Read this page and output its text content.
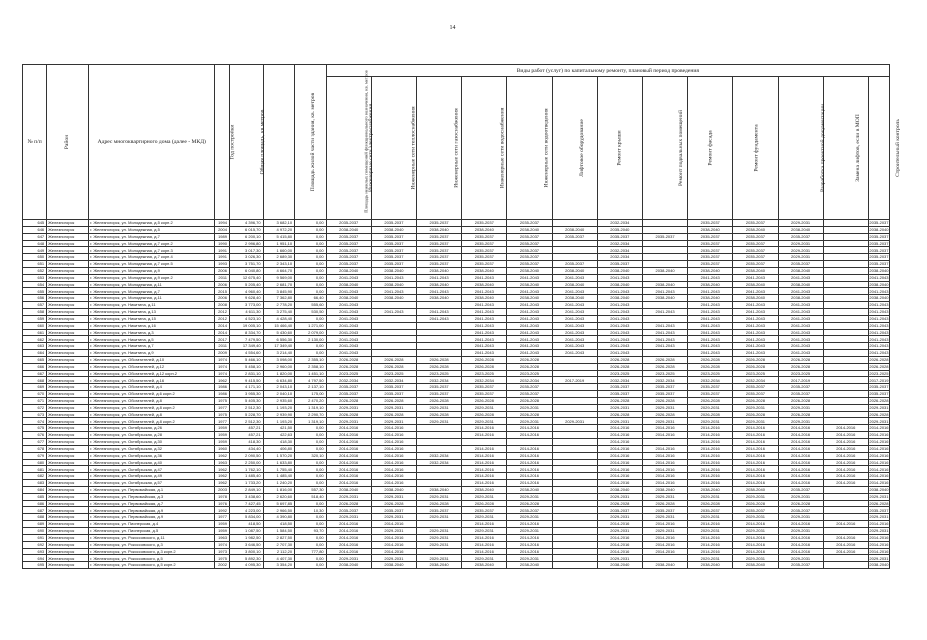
14
№ п/п	Район	Адрес многоквартирного дома (далее - МКД)	Год постройки	Общая площадь, кв.метров	Площадь жилой части здания, кв. метров	Площадь нежилых помещений функционального назначения, кв. метров	Виды работ (услуг) по капитальному ремонту, плановый период проведения												
							Инженерные сети электроснабжения	Инженерные сети теплоснабжения	Инженерные сети газоснабжения	Инженерные сети водоснабжения	Инженерные сети водоотведения	Лифтовое оборудование	Ремонт крыши	Ремонт подвальных помещений	Ремонт фасада	Ремонт фундамента	Разработка проектной документации	Замена лифтов, если в МОП	Строительный контроль
645	Железногорск	г. Железногорск, ул. Молодежная, д.5 корп.2	1994	4 396,70	3 682,10	0,00	2035-2037	2035-2037	2035-2037	2035-2037	2035-2037		2032-2034		2035-2037	2035-2037	2029-2031		2035-2037
646	Железногорск	г. Железногорск, ул. Молодежная, д.5	2004	6 015,70	4 972,20	0,00	2038-2040	2038-2040	2038-2040	2038-2040	2038-2040	2038-2040	2035-2040		2038-2040	2038-2040	2038-2040		2038-2040
647	Железногорск	г. Железногорск, ул. Молодежная, д.7	1989	6 200,10	5 415,80	0,00	2035-2037	2035-2037	2035-2037	2035-2037	2035-2037	2035-2037	2035-2037	2035-2037	2035-2037	2035-2037	2035-2037		2035-2037
648	Железногорск	г. Железногорск, ул. Молодежная, д.7 корп.2	1990	2 996,80	1 951,10	0,00	2035-2037	2035-2037	2035-2037	2035-2037	2035-2037		2032-2034		2035-2037	2035-2037	2029-2031		2035-2037
649	Железногорск	г. Железногорск, ул. Молодежная, д.7 корп.3	1991	3 017,30	1 660,00	0,00	2035-2037	2035-2037	2035-2037	2035-2037	2035-2037		2032-2034		2035-2037	2035-2037	2029-2031		2035-2037
650	Железногорск	г. Железногорск, ул. Молодежная, д.7 корп.4	1991	3 026,30	2 689,30	0,00	2035-2037	2035-2037	2035-2037	2035-2037	2035-2037		2032-2034		2035-2037	2035-2037	2029-2031		2035-2037
651	Железногорск	г. Железногорск, ул. Молодежная, д.7 корп.5	1993	3 751,70	2 343,10	0,00	2035-2037	2035-2037	2035-2037	2035-2037	2035-2037	2035-2037	2035-2037		2035-2037	2035-2037	2035-2037		2035-2037
652	Железногорск	г. Железногорск, ул. Молодежная, д.9	2006	6 040,80	4 664,70	0,00	2038-2040	2038-2040	2038-2040	2038-2040	2038-2040	2038-2040	2038-2040	2038-2040	2038-2040	2038-2040	2038-2040		2038-2040
653	Железногорск	г. Железногорск, ул. Молодежная, д.9 корп.2	2011	12 675,40	9 569,00	0,00	2041-2043	2041-2043	2041-2043	2041-2043	2041-2043	2041-2043	2041-2043		2041-2043	2041-2043	2041-2043		2041-2043
654	Железногорск	г. Железногорск, ул. Молодежная, д.11	2006	5 205,40	2 681,70	0,00	2038-2040	2038-2040	2038-2040	2038-2040	2038-2040	2038-2040	2038-2040	2038-2040	2038-2040	2038-2040	2038-2040		2038-2040
655	Железногорск	г. Железногорск, ул. Молодежная, д.7	2015	4 960,40	3 845,90	0,00	2041-2043	2041-2043	2041-2043	2041-2043	2041-2043	2041-2043	2041-2043	2041-2043	2041-2043	2041-2043	2041-2043		2041-2043
656	Железногорск	г. Железногорск, ул. Молодежная, д.11	2006	9 628,40	7 362,80	66,40	2038-2040	2038-2040	2038-2040	2038-2040	2038-2040	2038-2040	2038-2040	2038-2040	2038-2040	2038-2040	2038-2040		2038-2040
657	Железногорск	г. Железногорск, ул. Никитина, д.11	2008	3 773,00	2 778,20	555,60	2041-2043			2041-2043	2041-2043	2041-2043	2041-2043		2041-2043	2041-2043	2041-2043		2041-2043
658	Железногорск	г. Железногорск, ул. Никитина, д.13	2012	4 611,30	3 275,40	530,50	2041-2043	2041-2043	2041-2043	2041-2043	2041-2043	2041-2043	2041-2043	2041-2043	2041-2043	2041-2043	2041-2043		2041-2043
659	Железногорск	г. Железногорск, ул. Никитина, д.15	2012	4 523,10	4 428,40	0,00	2041-2043		2041-2043	2041-2043	2041-2043	2041-2043	2041-2043		2041-2043	2041-2043	2041-2043		2041-2043
660	Железногорск	г. Железногорск, ул. Никитина, д.16	2014	19 005,10	15 466,40	1 271,00	2041-2043			2041-2043	2041-2043	2041-2043	2041-2043	2041-2043	2041-2043	2041-2043	2041-2043		2041-2043
661	Железногорск	г. Железногорск, ул. Никитина, д.3	2014	8 334,70	5 430,60	2 079,00	2041-2043			2041-2043	2041-2043	2041-2043	2041-2043	2041-2043	2041-2043	2041-2043	2041-2043		2041-2043
662	Железногорск	г. Железногорск, ул. Никитина, д.5	2017	7 479,50	6 556,30	2 130,00	2041-2043			2041-2043	2041-2043	2041-2043	2041-2043	2041-2043	2041-2043	2041-2043	2041-2043		2041-2043
663	Железногорск	г. Железногорск, ул. Никитина, д.7	2011	17 349,40	17 349,40	0,00	2041-2043			2041-2043	2041-2043	2041-2043	2041-2043	2041-2043	2041-2043	2041-2043	2041-2043		2041-2043
664	Железногорск	г. Железногорск, ул. Никитина, д.9	2009	4 554,60	3 214,40	0,00	2041-2043			2041-2043	2041-2043	2041-2043	2041-2043		2041-2043	2041-2043	2041-2043		2041-2043
665	Железногорск	г. Железногорск, ул. Обогатителей, д.10	1974	5 466,10	3 098,00	2 355,10	2026-2028	2026-2028	2026-2028	2026-2028	2026-2028		2026-2028	2026-2028	2026-2028	2026-2028	2026-2028		2026-2028
666	Железногорск	г. Железногорск, ул. Обогатителей, д.12	1974	5 458,10	2 960,00	2 358,10	2026-2028	2026-2028	2026-2028	2026-2028	2026-2028		2026-2028	2026-2028	2026-2028	2026-2028	2026-2028		2026-2028
667	Железногорск	г. Железногорск, ул. Обогатителей, д.12 корп.2	1974	2 831,10	1 820,00	1 451,10	2023-2025	2023-2025	2023-2025	2023-2025	2023-2025		2023-2025	2023-2025	2023-2025	2023-2025	2023-2025		2023-2025
668	Железногорск	г. Железногорск, ул. Обогатителей, д.16	1962	9 415,50	6 634,80	4 797,50	2032-2034	2032-2034	2032-2034	2032-2034	2032-2034	2017-2019	2032-2034	2032-2034	2032-2034	2032-2034	2017-2019		2017-2019
669	Железногорск	г. Железногорск, ул. Обогатителей, д.4	1986	4 171,10	2 043,10	2 137,10	2035-2037	2035-2037	2035-2037	2035-2037	2035-2037		2035-2037	2035-2037	2035-2037	2035-2037	2035-2037		2035-2037
670	Железногорск	г. Железногорск, ул. Обогатителей, д.6 корп.2	1986	3 955,30	2 040,10	175,00	2035-2037	2035-2037	2035-2037	2035-2037	2035-2037		2035-2037	2035-2037	2035-2037	2035-2037	2035-2037		2035-2037
671	Железногорск	г. Железногорск, ул. Обогатителей, д.8	1975	5 405,30	2 935,60	2 470,20	2026-2028	2026-2028	2026-2028	2026-2028	2026-2028		2026-2028	2026-2028	2026-2028	2026-2028	2026-2028		2026-2028
672	Железногорск	г. Железногорск, ул. Обогатителей, д.8 корп.2	1977	2 512,30	1 193,20	1 319,10	2029-2031	2029-2031	2029-2031	2029-2031	2029-2031		2029-2031	2029-2031	2029-2031	2029-2031	2029-2031		2029-2031
673	Железногорск	г. Железногорск, ул. Обогатителей, д.8	1975	5 228,70	2 939,90	2 290,70	2026-2028	2026-2028	2026-2028	2026-2028	2026-2028		2026-2028	2026-2028	2026-2028	2026-2028	2026-2028		2026-2028
674	Железногорск	г. Железногорск, ул. Обогатителей, д.8 корп.2	1977	2 512,30	1 193,20	1 319,10	2029-2031	2029-2031	2029-2031	2029-2031	2029-2031	2029-2031	2029-2031	2029-2031	2029-2031	2029-2031	2029-2031		2029-2031
675	Железногорск	г. Железногорск, ул. Октябрьская, д.26	1959	457,21	421,50	0,00	2014-2016	2014-2016		2014-2016	2014-2016		2014-2016	2014-2016	2014-2016	2014-2016	2014-2016	2014-2016	2014-2016
676	Железногорск	г. Железногорск, ул. Октябрьская, д.28	1959	457,21	422,63	0,00	2014-2016	2014-2016		2014-2016	2014-2016		2014-2016	2014-2016	2014-2016	2014-2016	2014-2016	2014-2016	2014-2016
677	Железногорск	г. Железногорск, ул. Октябрьская, д.30	1959	418,30	418,30	0,00	2014-2016	2014-2016					2014-2016		2014-2016	2014-2016	2014-2016	2014-2016	2014-2016
678	Железногорск	г. Железногорск, ул. Октябрьская, д.32	1960	434,40	406,80	0,00	2014-2016	2014-2016		2014-2016	2014-2016		2014-2016	2014-2016	2014-2016	2014-2016	2014-2016	2014-2016	2014-2016
679	Железногорск	г. Железногорск, ул. Октябрьская, д.36	1962	2 090,50	1 570,20	320,10	2014-2016	2014-2016	2032-2034	2014-2016	2014-2016		2014-2016	2014-2016	2014-2016	2014-2016	2014-2016	2014-2016	2014-2016
680	Железногорск	г. Железногорск, ул. Октябрьская, д.40	1963	2 250,00	1 633,80	0,00	2014-2016	2014-2016	2032-2034	2014-2016	2014-2016		2014-2016	2014-2016	2014-2016	2014-2016	2014-2016	2014-2016	2014-2016
681	Железногорск	г. Железногорск, ул. Октябрьская, д.47	1962	1 762,10	1 755,40	0,00	2014-2016	2014-2016		2014-2016	2014-2016		2014-2016	2014-2016	2014-2016	2014-2016	2014-2016	2014-2016	2014-2016
682	Железногорск	г. Железногорск, ул. Октябрьская, д.49	1962	1 485,40	1 485,40	0,00	2014-2016	2014-2016		2014-2016	2014-2016		2014-2016	2014-2016	2014-2016	2014-2016	2014-2016	2014-2016	2014-2016
683	Железногорск	г. Железногорск, ул. Октябрьская, д.57	1962	1 733,20	1 240,20	0,00	2014-2016	2014-2016		2014-2016	2014-2016		2014-2016	2014-2016	2014-2016	2014-2016	2014-2016	2014-2016	2014-2016
684	Железногорск	г. Железногорск, ул. Первомайская, д.1	2003	2 849,10	1 816,00	557,30	2038-2040	2038-2040	2038-2040	2038-2040	2038-2040		2038-2040	2038-2040	2038-2040	2038-2040	2035-2037		2038-2040
685	Железногорск	г. Железногорск, ул. Первомайская, д.3	1978	3 438,60	2 620,60	518,40	2029-2031	2029-2031	2029-2031	2029-2031	2029-2031		2029-2031	2029-2031	2029-2031	2029-2031	2029-2031		2029-2031
686	Железногорск	г. Железногорск, ул. Первомайская, д.7	1976	7 427,45	5 697,85	0,00	2026-2028	2026-2028	2026-2028	2026-2028	2026-2028		2026-2028	2026-2028	2026-2028	2026-2028	2026-2028		2026-2028
687	Железногорск	г. Железногорск, ул. Первомайская, д.9	1992	4 223,00	2 966,50	10,30	2035-2037	2035-2037	2035-2037	2035-2037	2035-2037		2035-2037	2035-2037	2035-2037	2035-2037	2035-2037		2035-2037
688	Железногорск	г. Железногорск, ул. Первомайская, д.9	1977	5 834,00	4 390,80	0,00	2029-2031	2029-2031	2029-2031	2029-2031	2029-2031		2029-2031	2029-2031	2029-2031	2029-2031	2029-2031		2029-2031
689	Железногорск	г. Железногорск, ул. Пионерская, д.4	1959	418,50	418,50	0,00	2014-2016	2014-2016		2014-2016	2014-2016		2014-2016	2014-2016	2014-2016	2014-2016	2014-2016	2014-2016	2014-2016
690	Железногорск	г. Железногорск, ул. Пионерская, д.5	1959	1 087,50	1 584,50	93,70	2014-2016	2029-2031	2029-2031	2029-2031	2029-2031		2029-2031	2029-2031	2029-2031	2029-2031	2029-2031		2029-2031
691	Железногорск	г. Железногорск, ул. Рокоссовского, д.11	1963	1 982,50	2 827,50	0,00	2014-2016	2014-2016	2029-2031	2014-2016	2014-2016		2014-2016	2014-2016	2014-2016	2014-2016	2014-2016	2014-2016	2014-2016
692	Железногорск	г. Железногорск, ул. Рокоссовского, д.3	1974	3 646,50	2 707,30	0,00	2014-2016	2014-2016	2029-2031	2014-2016	2014-2016		2014-2016	2014-2016	2014-2016	2014-2016	2014-2016	2014-2016	2014-2016
693	Железногорск	г. Железногорск, ул. Рокоссовского, д.3 корп.2	1973	3 800,10	2 112,20	777,80	2014-2016	2014-2016		2014-2016	2014-2016		2014-2016	2014-2016	2014-2016	2014-2016	2014-2016	2014-2016	2014-2016
694	Железногорск	г. Железногорск, ул. Рокоссовского, д.5	1975	5 892,30	4 407,30	0,00	2029-2031	2029-2031	2029-2031	2029-2031	2029-2031		2029-2031		2029-2031	2029-2031	2029-2031		2029-2031
695	Железногорск	г. Железногорск, ул. Рокоссовского, д.5 корп.2	2002	4 095,30	3 354,20	0,00	2038-2040	2038-2040	2038-2040	2038-2040	2038-2040		2038-2040	2038-2040	2038-2040	2038-2040	2035-2037		2038-2040
